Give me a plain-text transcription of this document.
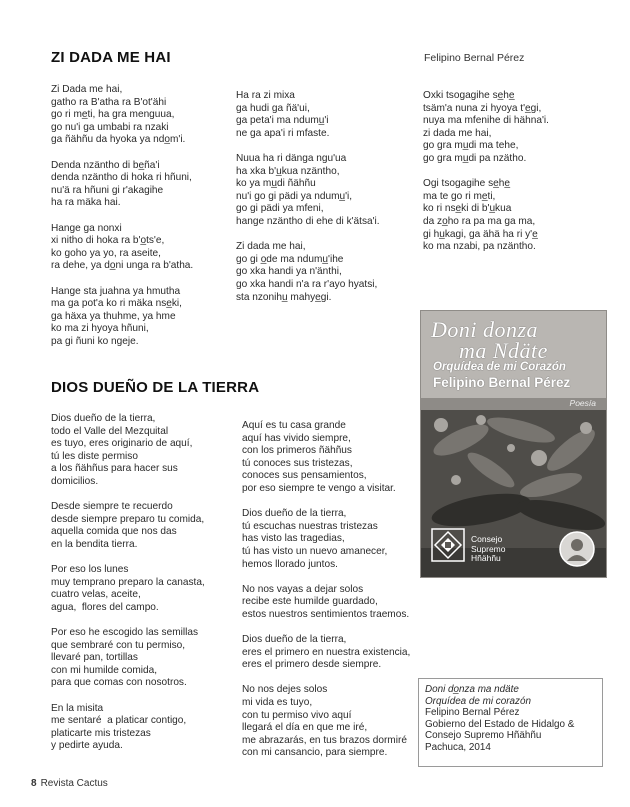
ZI DADA ME HAI	Felipino Bernal Pérez
Zi Dada me hai,
gatho ra B'atha ra B'ot'ähi
go ri me̲ti, ha gra menguua,
go nu'i ga umbabi ra nzaki
ga ñähñu da hyoka ya ndo̲m'i.
Denda nzäntho di be̲ña'i
denda nzäntho di hoka ri hñuni,
nu'ä ra hñuni gi r'akagihe
ha ra mäka hai.
Hange ga nonxi
xi nitho di hoka ra b'o̲ts'e,
ko goho ya yo, ra aseite,
ra dehe, ya do̲ni unga ra b'atha.
Hange sta juahna ya hmutha
ma ga pot'a ko ri mäka nse̲ki,
ga häxa ya thuhme, ya hme
ko ma zi hyoya hñuni,
pa gi ñuni ko ngeje.
Ha ra zi mixa
ga hudi ga ñä'ui,
ga peta'i ma ndumu̲'i
ne ga apa'i ri mfaste.
Nuua ha ri dänga ngu'ua
ha xka b'u̲kua nzäntho,
ko ya mu̲di ñähñu
nu'i go gi pädi ya ndumu̲'i,
go gi pädi ya mfeni,
hange nzäntho di ehe di k'ätsa'i.
Zi dada me hai,
go gi o̲de ma ndumu̲'ihe
go xka handi ya n'änthi,
go xka handi n'a ra r'ayo hyatsi,
sta nzonihu̲ mahye̲gi.
Oxki tsogagihe se̲he̲
tsäm'a nuna zi hyoya t'e̲gi,
nuya ma mfenihe di hähna'i.
zi dada me hai,
go gra mu̲di ma tehe,
go gra mu̲di pa nzätho.
Ogi tsogagihe se̲he̲
ma te go ri me̲ti,
ko ri nse̲ki di b'u̲kua
da zo̲ho ra pa ma ga ma,
gi hu̲kagi, ga ähä ha ri y'e̲
ko ma nzabi, pa nzäntho.
DIOS DUEÑO DE LA TIERRA
Dios dueño de la tierra,
todo el Valle del Mezquital
es tuyo, eres originario de aquí,
tú les diste permiso
a los ñähñus para hacer sus
domicilios.
Desde siempre te recuerdo
desde siempre preparo tu comida,
aquella comida que nos das
en la bendita tierra.
Por eso los lunes
muy temprano preparo la canasta,
cuatro velas, aceite,
agua,  flores del campo.
Por eso he escogido las semillas
que sembraré con tu permiso,
llevaré pan, tortillas
con mi humilde comida,
para que comas con nosotros.
En la misita
me sentaré  a platicar contigo,
platicarte mis tristezas
y pedirte ayuda.
Aquí es tu casa grande
aquí has vivido siempre,
con los primeros ñähñus
tú conoces sus tristezas,
conoces sus pensamientos,
por eso siempre te vengo a visitar.
Dios dueño de la tierra,
tú escuchas nuestras tristezas
has visto las tragedias,
tú has visto un nuevo amanecer,
hemos llorado juntos.
No nos vayas a dejar solos
recibe este humilde guardado,
estos nuestros sentimientos traemos.
Dios dueño de la tierra,
eres el primero en nuestra existencia,
eres el primero desde siempre.
No nos dejes solos
mi vida es tuyo,
con tu permiso vivo aquí
llegará el día en que me iré,
me abrazarás, en tus brazos dormiré
con mi cansancio, para siempre.
Doni donza
ma Ndäte
Orquídea de mi Corazón
Felipino Bernal Pérez
Poesía
Consejo
Supremo
Hñähñu
Doni do̲nza ma ndäte
Orquídea de mi corazón
Felipino Bernal Pérez
Gobierno del Estado de Hidalgo &
Consejo Supremo Hñähñu
Pachuca, 2014
8 Revista Cactus
